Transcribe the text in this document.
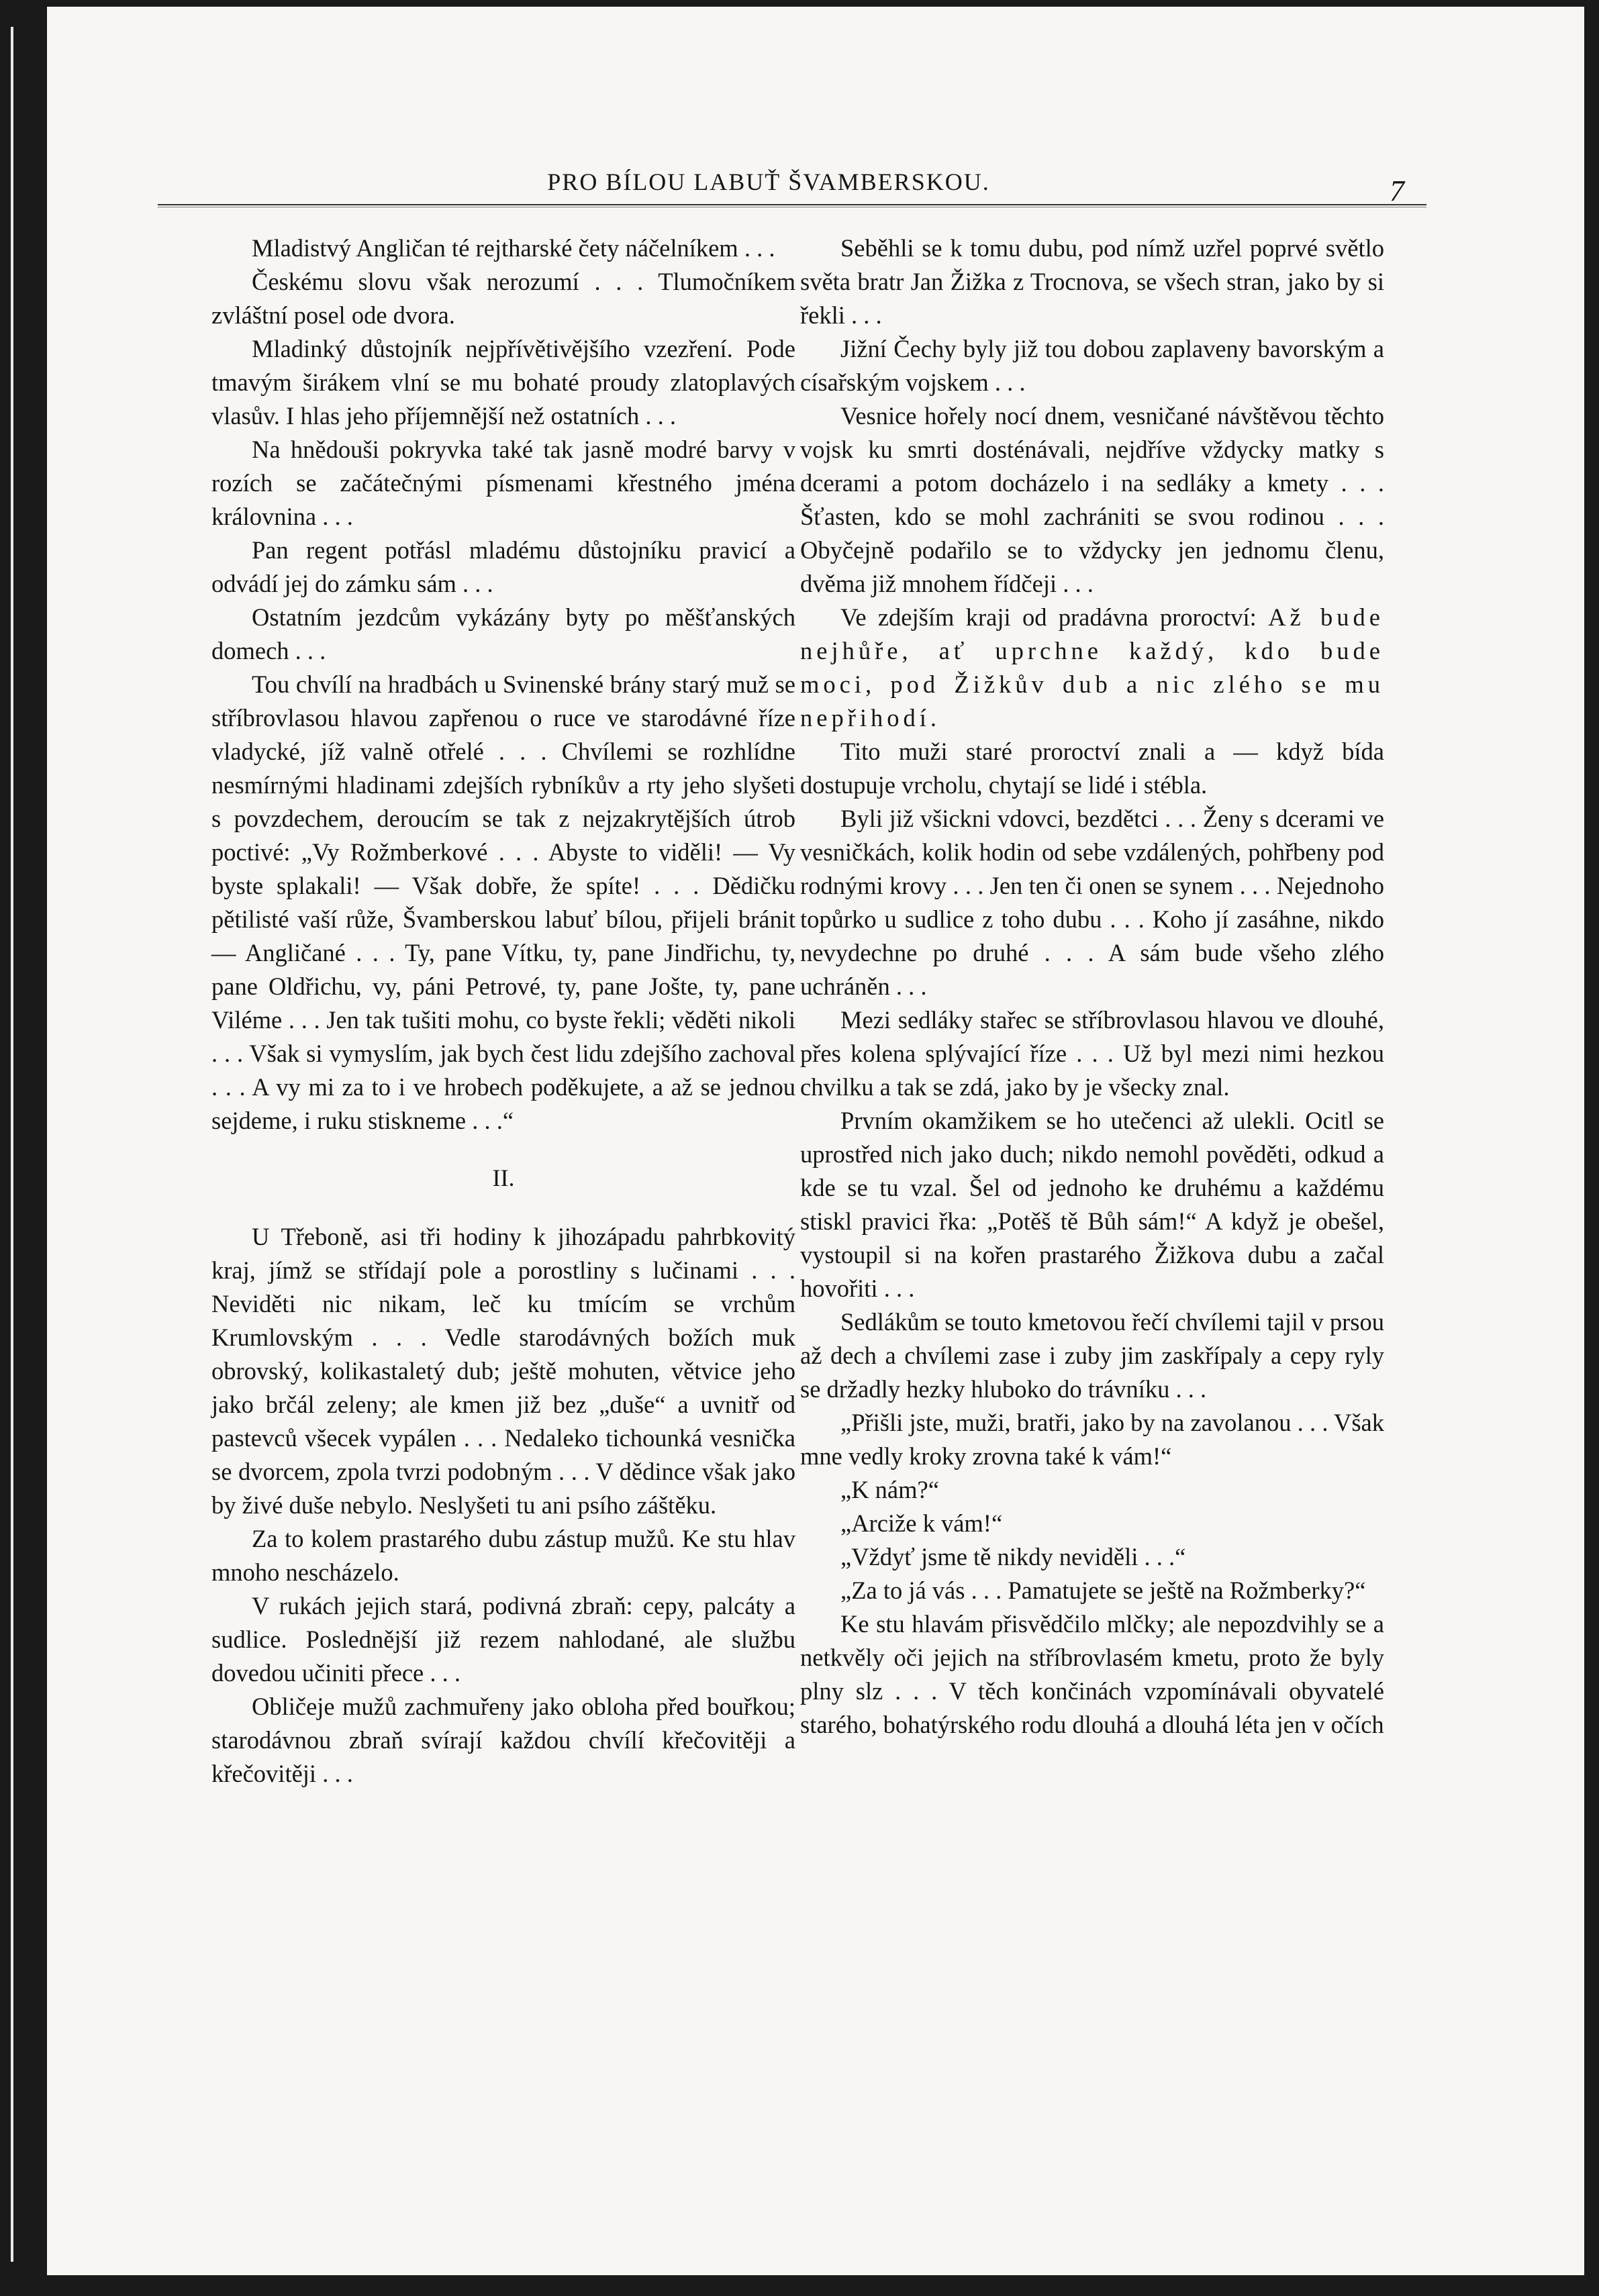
PRO BÍLOU LABUŤ ŠVAMBERSKOU.	7

Mladistvý Angličan té rejtharské čety náčelníkem . . .

Českému slovu však nerozumí . . . Tlumočníkem zvláštní posel ode dvora.

Mladinký důstojník nejpřívětivějšího vzezření. Pode tmavým širákem vlní se mu bohaté proudy zlatoplavých vlasův. I hlas jeho příjemnější než ostatních . . .

Na hnědouši pokryvka také tak jasně modré barvy v rozích se začátečnými písmenami křestného jména královnina . . .

Pan regent potřásl mladému důstojníku pravicí a odvádí jej do zámku sám . . .

Ostatním jezdcům vykázány byty po měšťanských domech . . .

Tou chvílí na hradbách u Svinenské brány starý muž se stříbrovlasou hlavou zapřenou o ruce ve starodávné říze vladycké, jíž valně otřelé . . . Chvílemi se rozhlídne nesmírnými hladinami zdejších rybníkův a rty jeho slyšeti s povzdechem, deroucím se tak z nejzakrytějších útrob poctivé: „Vy Rožmberkové . . . Abyste to viděli! — Vy byste splakali! — Však dobře, že spíte! . . . Dědičku pětilisté vaší růže, Švamberskou labuť bílou, přijeli bránit — Angličané . . . Ty, pane Vítku, ty, pane Jindřichu, ty, pane Oldřichu, vy, páni Petrové, ty, pane Jošte, ty, pane Viléme . . . Jen tak tušiti mohu, co byste řekli; věděti nikoli . . . Však si vymyslím, jak bych čest lidu zdejšího zachoval . . . A vy mi za to i ve hrobech poděkujete, a až se jednou sejdeme, i ruku stiskneme . . .“

II.

U Třeboně, asi tři hodiny k jihozápadu pahrbkovitý kraj, jímž se střídají pole a porostliny s lučinami . . . Neviděti nic nikam, leč ku tmícím se vrchům Krumlovským . . . Vedle starodávných božích muk obrovský, kolikastaletý dub; ještě mohuten, větvice jeho jako brčál zeleny; ale kmen již bez „duše“ a uvnitř od pastevců všecek vypálen . . . Nedaleko tichounká vesnička se dvorcem, zpola tvrzi podobným . . . V dědince však jako by živé duše nebylo. Neslyšeti tu ani psího záštěku.

Za to kolem prastarého dubu zástup mužů. Ke stu hlav mnoho nescházelo.

V rukách jejich stará, podivná zbraň: cepy, palcáty a sudlice. Poslednější již rezem nahlodané, ale službu dovedou učiniti přece . . .

Obličeje mužů zachmuřeny jako obloha před bouřkou; starodávnou zbraň svírají každou chvílí křečovitěji a křečovitěji . . .

Seběhli se k tomu dubu, pod nímž uzřel poprvé světlo světa bratr Jan Žižka z Trocnova, se všech stran, jako by si řekli . . .

Jižní Čechy byly již tou dobou zaplaveny bavorským a císařským vojskem . . .

Vesnice hořely nocí dnem, vesničané návštěvou těchto vojsk ku smrti dosténávali, nejdříve vždycky matky s dcerami a potom docházelo i na sedláky a kmety . . . Šťasten, kdo se mohl zachrániti se svou rodinou . . . Obyčejně podařilo se to vždycky jen jednomu členu, dvěma již mnohem řídčeji . . .

Ve zdejším kraji od pradávna proroctví: Až bude nejhůře, ať uprchne každý, kdo bude moci, pod Žižkův dub a nic zlého se mu nepřihodí.

Tito muži staré proroctví znali a — když bída dostupuje vrcholu, chytají se lidé i stébla.

Byli již všickni vdovci, bezdětci . . . Ženy s dcerami ve vesničkách, kolik hodin od sebe vzdálených, pohřbeny pod rodnými krovy . . . Jen ten či onen se synem . . . Nejednoho topůrko u sudlice z toho dubu . . . Koho jí zasáhne, nikdo nevydechne po druhé . . . A sám bude všeho zlého uchráněn . . .

Mezi sedláky stařec se stříbrovlasou hlavou ve dlouhé, přes kolena splývající říze . . . Už byl mezi nimi hezkou chvilku a tak se zdá, jako by je všecky znal.

Prvním okamžikem se ho utečenci až ulekli. Ocitl se uprostřed nich jako duch; nikdo nemohl pověděti, odkud a kde se tu vzal. Šel od jednoho ke druhému a každému stiskl pravici řka: „Potěš tě Bůh sám!“ A když je obešel, vystoupil si na kořen prastarého Žižkova dubu a začal hovořiti . . .

Sedlákům se touto kmetovou řečí chvílemi tajil v prsou až dech a chvílemi zase i zuby jim zaskřípaly a cepy ryly se držadly hezky hluboko do trávníku . . .

„Přišli jste, muži, bratři, jako by na zavolanou . . . Však mne vedly kroky zrovna také k vám!“

„K nám?“

„Arciže k vám!“

„Vždyť jsme tě nikdy neviděli . . .“

„Za to já vás . . . Pamatujete se ještě na Rožmberky?“

Ke stu hlavám přisvědčilo mlčky; ale nepozdvihly se a netkvěly oči jejich na stříbrovlasém kmetu, proto že byly plny slz . . . V těch končinách vzpomínávali obyvatelé starého, bohatýrského rodu dlouhá a dlouhá léta jen v očích
